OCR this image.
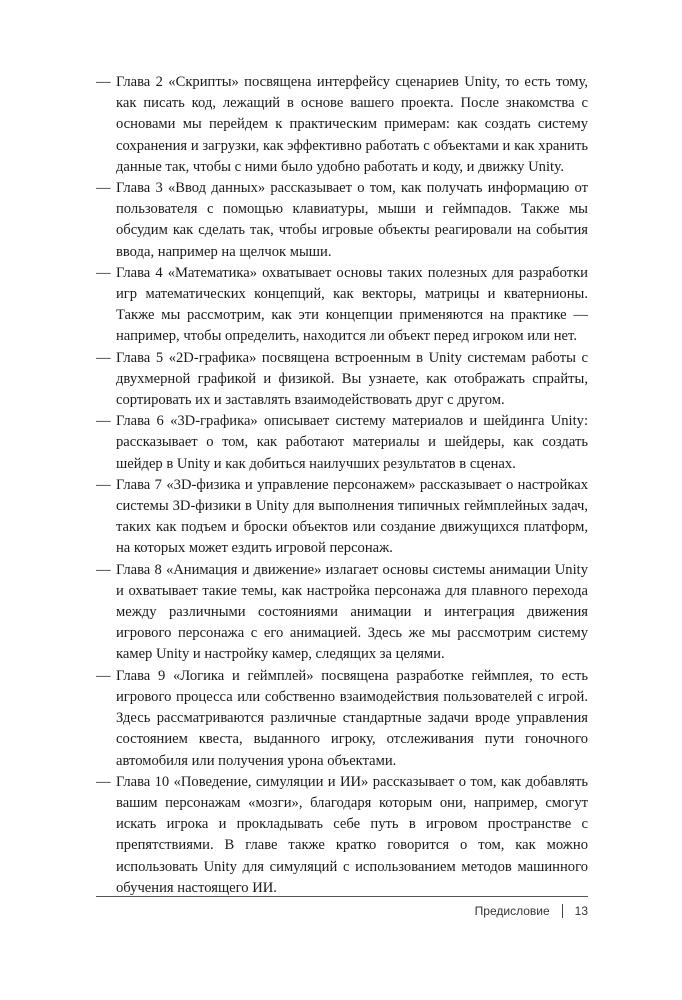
— Глава 2 «Скрипты» посвящена интерфейсу сценариев Unity, то есть тому, как писать код, лежащий в основе вашего проекта. После знакомства с основами мы перейдем к практическим примерам: как создать систему сохранения и загрузки, как эффективно работать с объектами и как хранить данные так, чтобы с ними было удобно работать и коду, и движку Unity.

— Глава 3 «Ввод данных» рассказывает о том, как получать информацию от пользователя с помощью клавиатуры, мыши и геймпадов. Также мы обсудим как сделать так, чтобы игровые объекты реагировали на события ввода, например на щелчок мыши.

— Глава 4 «Математика» охватывает основы таких полезных для разработки игр математических концепций, как векторы, матрицы и кватернионы. Также мы рассмотрим, как эти концепции применяются на практике — например, чтобы определить, находится ли объект перед игроком или нет.

— Глава 5 «2D-графика» посвящена встроенным в Unity системам работы с двухмерной графикой и физикой. Вы узнаете, как отображать спрайты, сортировать их и заставлять взаимодействовать друг с другом.

— Глава 6 «3D-графика» описывает систему материалов и шейдинга Unity: рассказывает о том, как работают материалы и шейдеры, как создать шейдер в Unity и как добиться наилучших результатов в сценах.

— Глава 7 «3D-физика и управление персонажем» рассказывает о настройках системы 3D-физики в Unity для выполнения типичных геймплейных задач, таких как подъем и броски объектов или создание движущихся платформ, на которых может ездить игровой персонаж.

— Глава 8 «Анимация и движение» излагает основы системы анимации Unity и охватывает такие темы, как настройка персонажа для плавного перехода между различными состояниями анимации и интеграция движения игрового персонажа с его анимацией. Здесь же мы рассмотрим систему камер Unity и настройку камер, следящих за целями.

— Глава 9 «Логика и геймплей» посвящена разработке геймплея, то есть игрового процесса или собственно взаимодействия пользователей с игрой. Здесь рассматриваются различные стандартные задачи вроде управления состоянием квеста, выданного игроку, отслеживания пути гоночного автомобиля или получения урона объектами.

— Глава 10 «Поведение, симуляции и ИИ» рассказывает о том, как добавлять вашим персонажам «мозги», благодаря которым они, например, смогут искать игрока и прокладывать себе путь в игровом пространстве с препятствиями. В главе также кратко говорится о том, как можно использовать Unity для симуляций с использованием методов машинного обучения настоящего ИИ.

Предисловие 13
